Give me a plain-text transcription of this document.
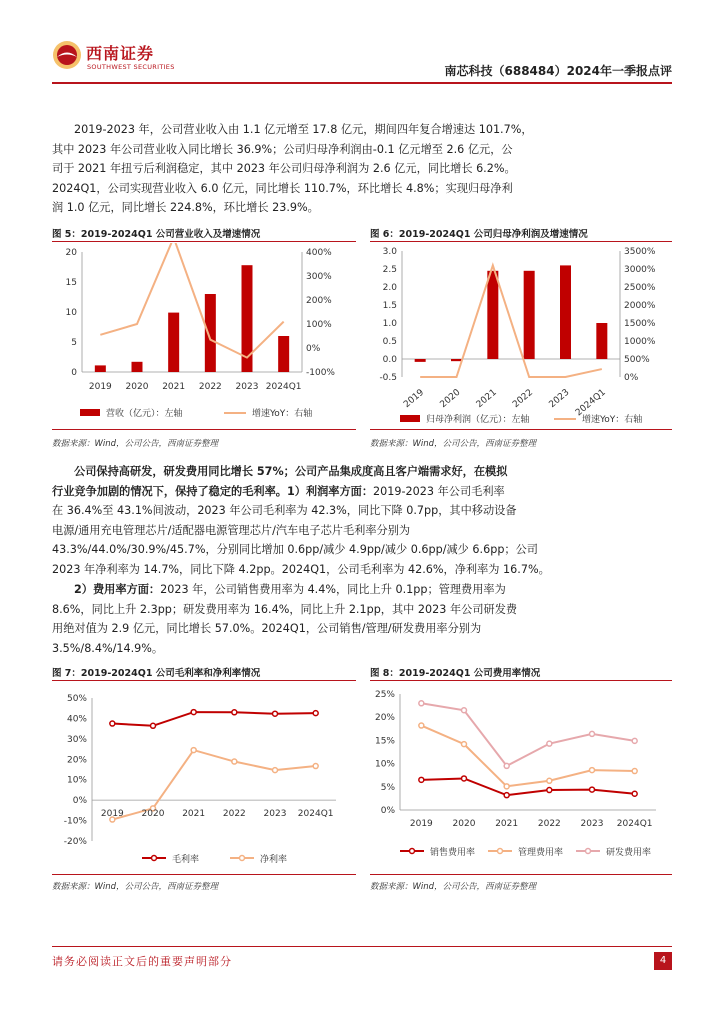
西南证券
SOUTHWEST SECURITIES	南芯科技（688484）2024年一季报点评
2019-2023 年，公司营业收入由 1.1 亿元增至 17.8 亿元，期间四年复合增速达 101.7%，
其中 2023 年公司营业收入同比增长 36.9%；公司归母净利润由-0.1 亿元增至 2.6 亿元，公
司于 2021 年扭亏后利润稳定，其中 2023 年公司归母净利润为 2.6 亿元，同比增长 6.2%。
2024Q1，公司实现营业收入 6.0 亿元，同比增长 110.7%，环比增长 4.8%；实现归母净利
润 1.0 亿元，同比增长 224.8%，环比增长 23.9%。
图 5：2019-2024Q1 公司营业收入及增速情况
0
5
10
15
20
-100%
0%
100%
200%
300%
400%
2019 2020 2021 2022 2023 2024Q1
营收（亿元）：左轴	增速YoY：右轴
数据来源：Wind，公司公告，西南证券整理
图 6：2019-2024Q1 公司归母净利润及增速情况
-0.5
0.0
0.5
1.0
1.5
2.0
2.5
3.0
0%
500%
1000%
1500%
2000%
2500%
3000%
3500%
2019 2020 2021 2022 2023 2024Q1
归母净利润（亿元）：左轴	增速YoY：右轴
数据来源：Wind，公司公告，西南证券整理
公司保持高研发，研发费用同比增长 57%；公司产品集成度高且客户端需求好，在模拟
行业竞争加剧的情况下，保持了稳定的毛利率。1）利润率方面：2019-2023 年公司毛利率
在 36.4%至 43.1%间波动，2023 年公司毛利率为 42.3%，同比下降 0.7pp，其中移动设备
电源/通用充电管理芯片/适配器电源管理芯片/汽车电子芯片毛利率分别为
43.3%/44.0%/30.9%/45.7%，分别同比增加 0.6pp/减少 4.9pp/减少 0.6pp/减少 6.6pp；公司
2023 年净利率为 14.7%，同比下降 4.2pp。2024Q1，公司毛利率为 42.6%，净利率为 16.7%。
2）费用率方面：2023 年，公司销售费用率为 4.4%，同比上升 0.1pp；管理费用率为
8.6%，同比上升 2.3pp；研发费用率为 16.4%，同比上升 2.1pp，其中 2023 年公司研发费
用绝对值为 2.9 亿元，同比增长 57.0%。2024Q1，公司销售/管理/研发费用率分别为
3.5%/8.4%/14.9%。
图 7：2019-2024Q1 公司毛利率和净利率情况
-20%
-10%
0%
10%
20%
30%
40%
50%
2019 2020 2021 2022 2023 2024Q1
毛利率	净利率
数据来源：Wind，公司公告，西南证券整理
图 8：2019-2024Q1 公司费用率情况
0%
5%
10%
15%
20%
25%
2019 2020 2021 2022 2023 2024Q1
销售费用率	管理费用率	研发费用率
数据来源：Wind，公司公告，西南证券整理
请务必阅读正文后的重要声明部分	4
